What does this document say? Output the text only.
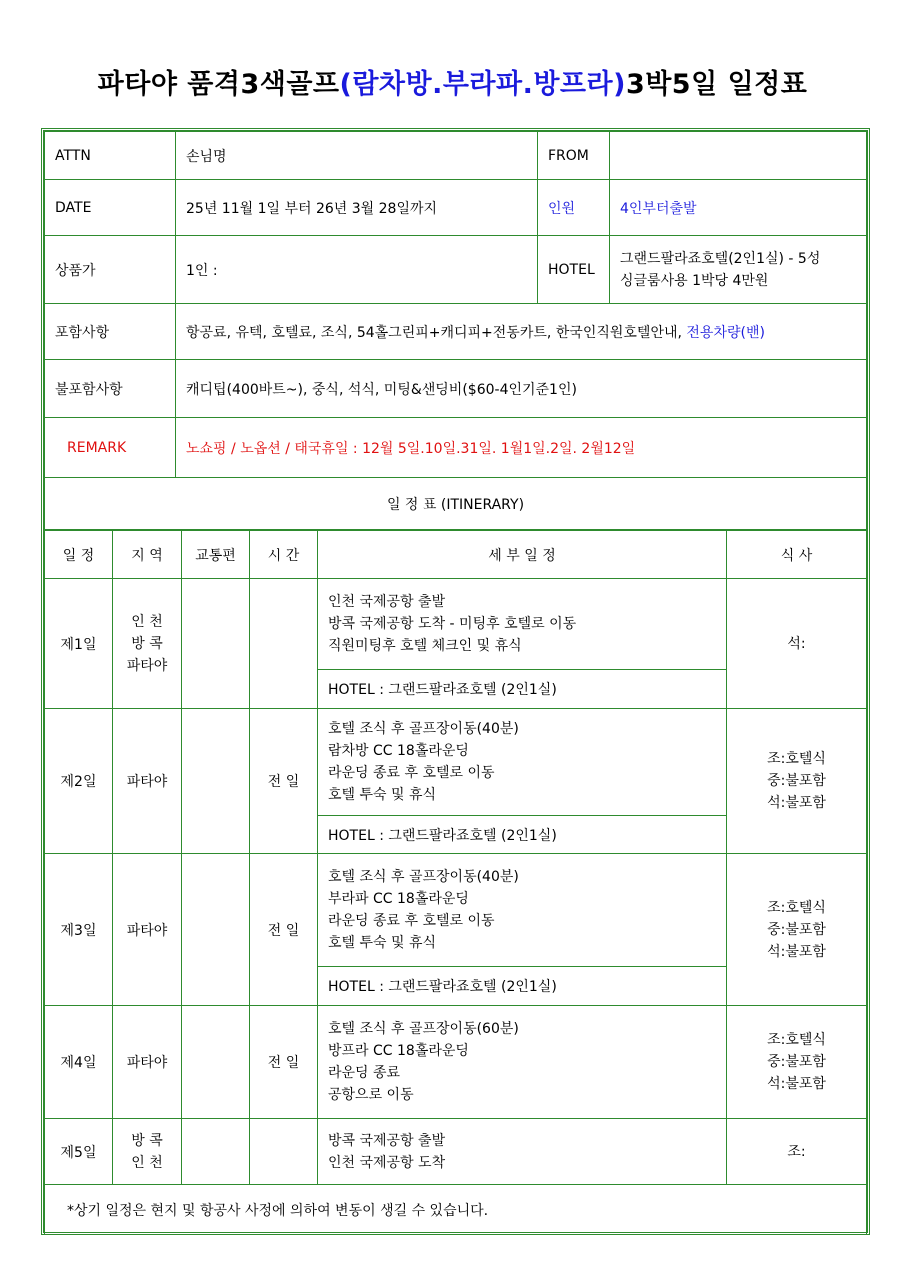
파타야 품격3색골프(람차방.부라파.방프라)3박5일 일정표
ATTN	손님명	FROM	
DATE	25년 11월 1일 부터 26년 3월 28일까지	인원	4인부터출발
상품가	1인 :	HOTEL	그랜드팔라죠호텔(2인1실) - 5성
싱글룸사용 1박당 4만원

포함사항	항공료, 유텍, 호텔료, 조식, 54홀그린피+캐디피+전동카트, 한국인직원호텔안내, 전용차량(밴)		
불포함사항	캐디팁(400바트~), 중식, 석식, 미팅&샌딩비($60-4인기준1인)		
REMARK	노쇼핑 / 노옵션 / 태국휴일 : 12월 5일.10일.31일. 1월1일.2일. 2월12일		
일 정 표 (ITINERARY)			
일 정	지 역	교통편	시 간	세 부 일 정	식 사
제1일	인 천
방 콕
파타야			인천 국제공항 출발
방콕 국제공항 도착 - 미팅후 호텔로 이동
직원미팅후 호텔 체크인 및 휴식	석:

				HOTEL : 그랜드팔라죠호텔 (2인1실)	
제2일	파타야		전 일	호텔 조식 후 골프장이동(40분)
람차방 CC 18홀라운딩
라운딩 종료 후 호텔로 이동
호텔 투숙 및 휴식	조:호텔식
중:불포함
석:불포함

				HOTEL : 그랜드팔라죠호텔 (2인1실)	
제3일	파타야		전 일	호텔 조식 후 골프장이동(40분)
부라파 CC 18홀라운딩
라운딩 종료 후 호텔로 이동
호텔 투숙 및 휴식	조:호텔식
중:불포함
석:불포함

				HOTEL : 그랜드팔라죠호텔 (2인1실)	
제4일	파타야		전 일	호텔 조식 후 골프장이동(60분)
방프라 CC 18홀라운딩
라운딩 종료
공항으로 이동	조:호텔식
중:불포함
석:불포함

제5일	방 콕
인 천			방콕 국제공항 출발
인천 국제공항 도착	조:

*상기 일정은 현지 및 항공사 사정에 의하여 변동이 생길 수 있습니다.					
